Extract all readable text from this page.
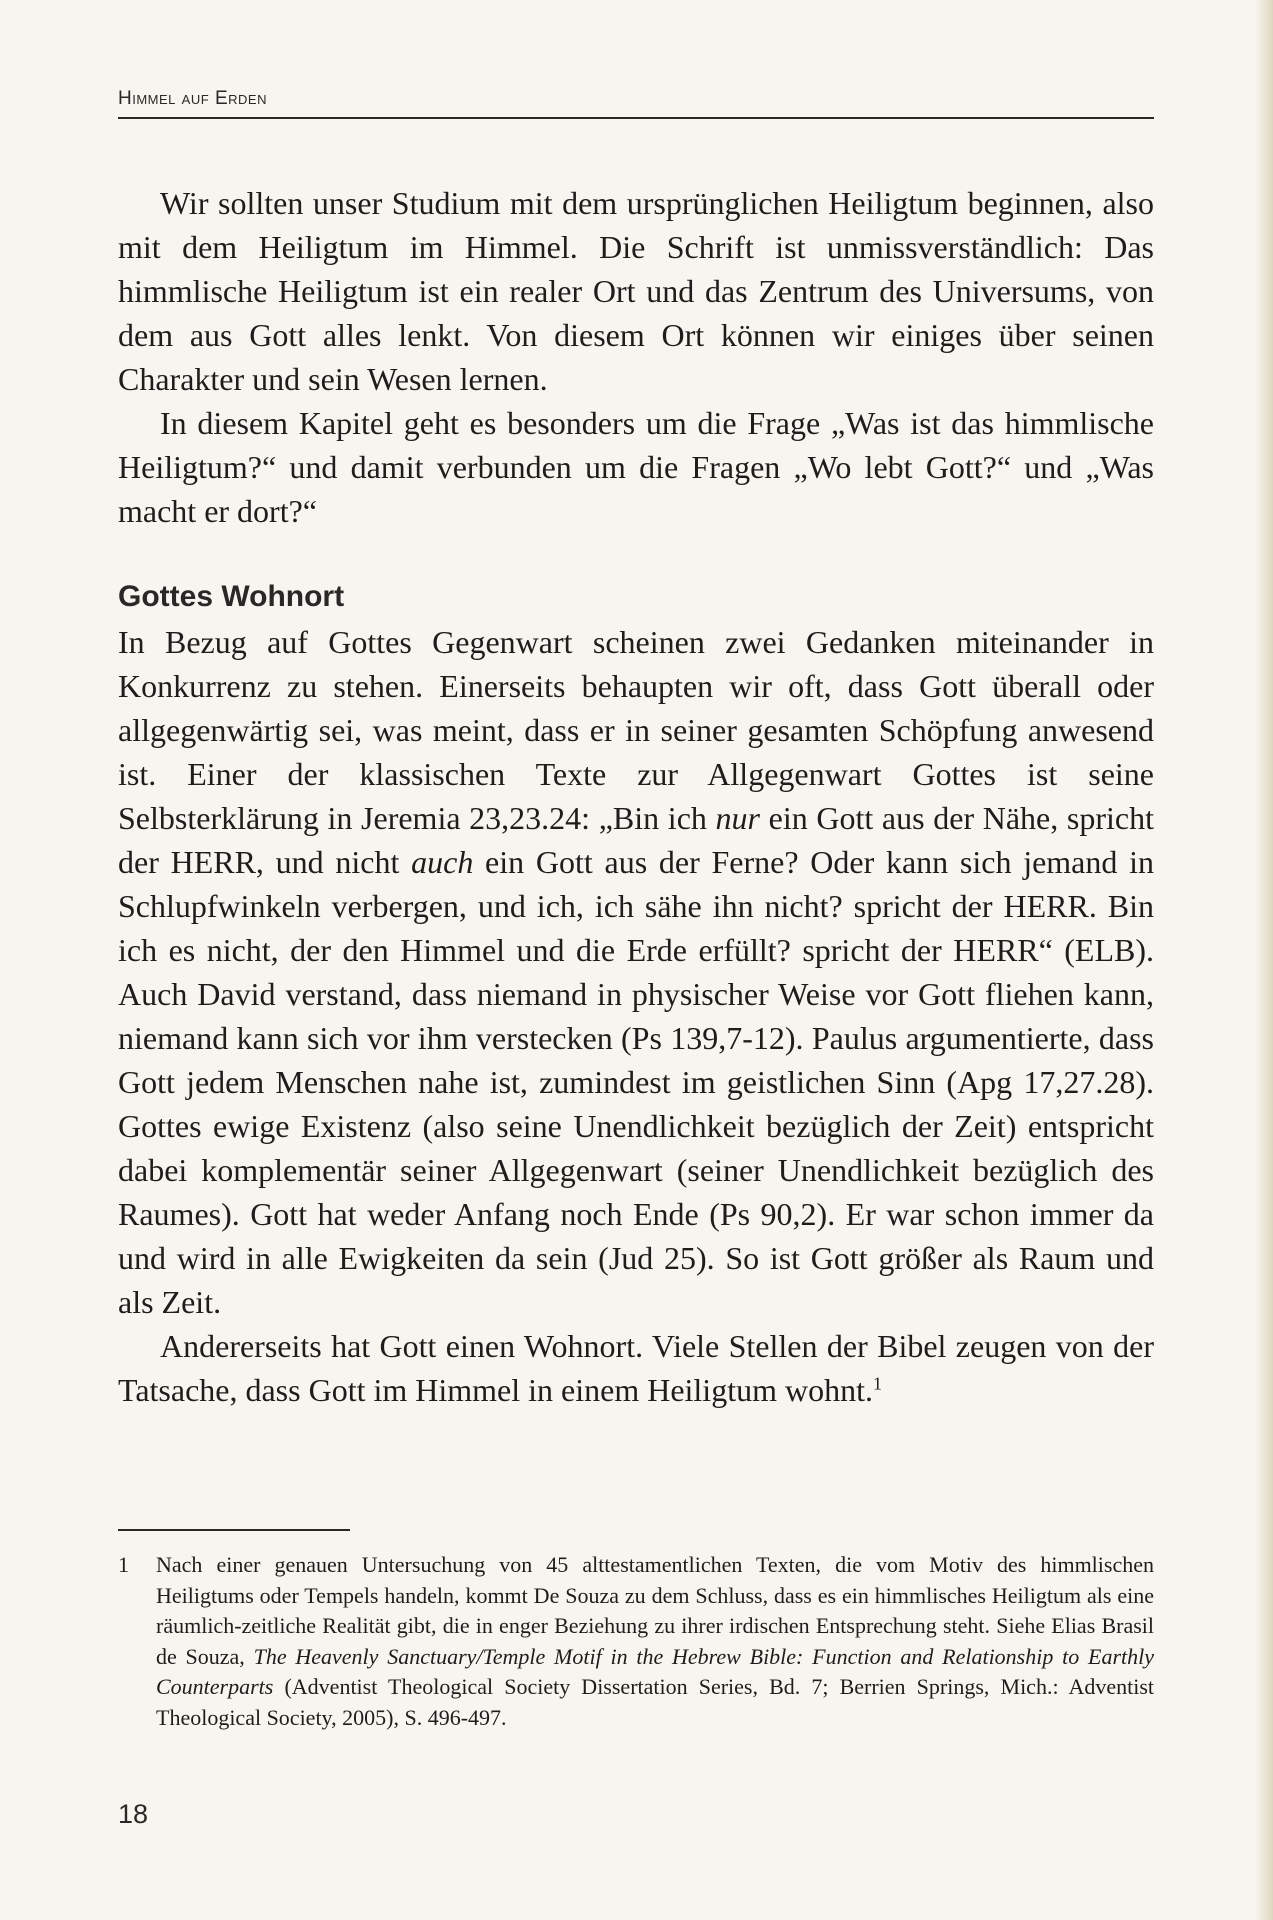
Himmel auf Erden

Wir sollten unser Studium mit dem ursprünglichen Heiligtum beginnen, also mit dem Heiligtum im Himmel. Die Schrift ist unmissverständlich: Das himmlische Heiligtum ist ein realer Ort und das Zentrum des Universums, von dem aus Gott alles lenkt. Von diesem Ort können wir einiges über seinen Charakter und sein Wesen lernen.

In diesem Kapitel geht es besonders um die Frage „Was ist das himmlische Heiligtum?“ und damit verbunden um die Fragen „Wo lebt Gott?“ und „Was macht er dort?“

Gottes Wohnort

In Bezug auf Gottes Gegenwart scheinen zwei Gedanken miteinander in Konkurrenz zu stehen. Einerseits behaupten wir oft, dass Gott überall oder allgegenwärtig sei, was meint, dass er in seiner gesamten Schöpfung anwesend ist. Einer der klassischen Texte zur Allgegenwart Gottes ist seine Selbsterklärung in Jeremia 23,23.24: „Bin ich nur ein Gott aus der Nähe, spricht der HERR, und nicht auch ein Gott aus der Ferne? Oder kann sich jemand in Schlupfwinkeln verbergen, und ich, ich sähe ihn nicht? spricht der HERR. Bin ich es nicht, der den Himmel und die Erde erfüllt? spricht der HERR“ (ELB). Auch David verstand, dass niemand in physischer Weise vor Gott fliehen kann, niemand kann sich vor ihm verstecken (Ps 139,7-12). Paulus argumentierte, dass Gott jedem Menschen nahe ist, zumindest im geistlichen Sinn (Apg 17,27.28). Gottes ewige Existenz (also seine Unendlichkeit bezüglich der Zeit) entspricht dabei komplementär seiner Allgegenwart (seiner Unendlichkeit bezüglich des Raumes). Gott hat weder Anfang noch Ende (Ps 90,2). Er war schon immer da und wird in alle Ewigkeiten da sein (Jud 25). So ist Gott größer als Raum und als Zeit.

Andererseits hat Gott einen Wohnort. Viele Stellen der Bibel zeugen von der Tatsache, dass Gott im Himmel in einem Heiligtum wohnt.$^1$

1 Nach einer genauen Untersuchung von 45 alttestamentlichen Texten, die vom Motiv des himmlischen Heiligtums oder Tempels handeln, kommt De Souza zu dem Schluss, dass es ein himmlisches Heiligtum als eine räumlich-zeitliche Realität gibt, die in enger Beziehung zu ihrer irdischen Entsprechung steht. Siehe Elias Brasil de Souza, The Heavenly Sanctuary/Temple Motif in the Hebrew Bible: Function and Relationship to Earthly Counterparts (Adventist Theological Society Dissertation Series, Bd. 7; Berrien Springs, Mich.: Adventist Theological Society, 2005), S. 496-497.
18
